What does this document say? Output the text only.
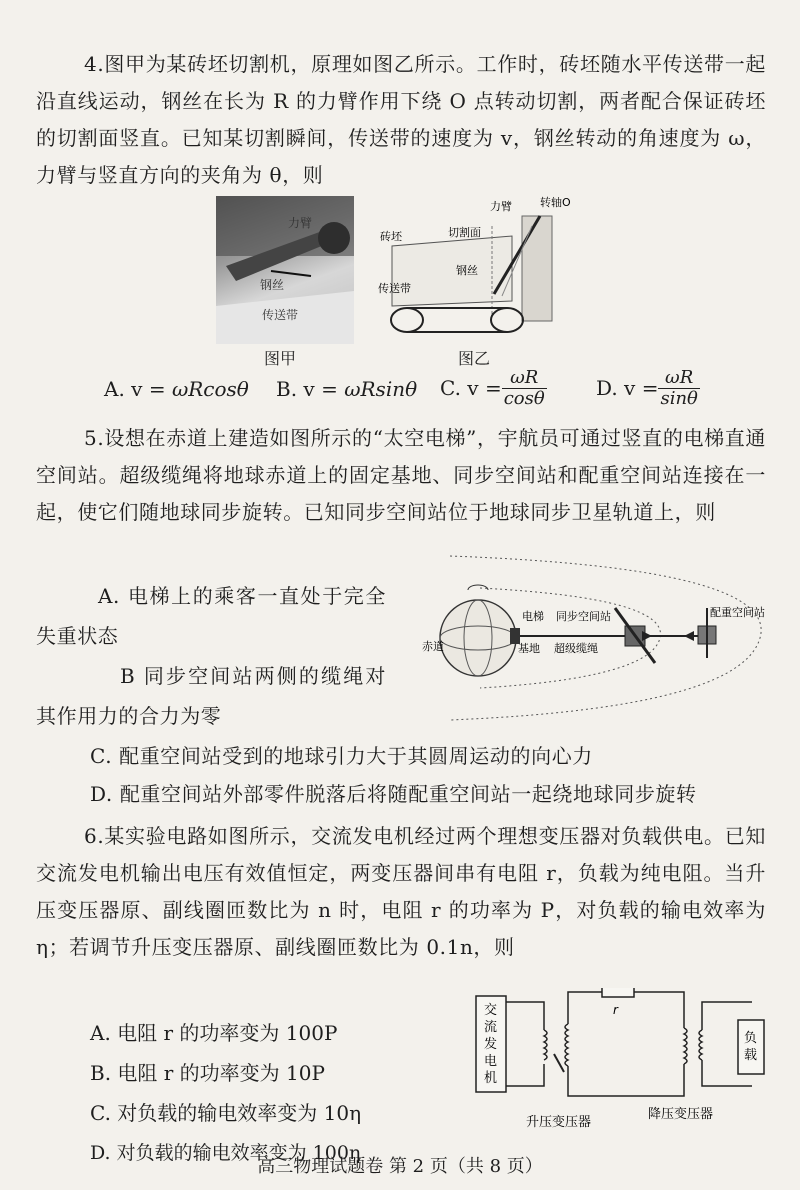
4.图甲为某砖坯切割机，原理如图乙所示。工作时，砖坯随水平传送带一起沿直线运动，钢丝在长为 R 的力臂作用下绕 O 点转动切割，两者配合保证砖坯的切割面竖直。已知某切割瞬间，传送带的速度为 v，钢丝转动的角速度为 ω，力臂与竖直方向的夹角为 θ，则
力臂
钢丝
传送带
图甲
砖坯	切割面
力臂	转轴O
钢丝
传送带
图乙
A. v = ωRcosθ B. v = ωRsinθ C. $v = \frac{\omega R}{\cos\theta} D$. $v = \frac{\omega R}{\sin\theta}$
5.设想在赤道上建造如图所示的“太空电梯”，宇航员可通过竖直的电梯直通空间站。超级缆绳将地球赤道上的固定基地、同步空间站和配重空间站连接在一起，使它们随地球同步旋转。已知同步空间站位于地球同步卫星轨道上，则
A. 电梯上的乘客一直处于完全失重状态
B 同步空间站两侧的缆绳对其作用力的合力为零
赤道
电梯
基地
同步空间站
超级缆绳
配重空间站
C. 配重空间站受到的地球引力大于其圆周运动的向心力
D. 配重空间站外部零件脱落后将随配重空间站一起绕地球同步旋转
6.某实验电路如图所示，交流发电机经过两个理想变压器对负载供电。已知交流发电机输出电压有效值恒定，两变压器间串有电阻 r，负载为纯电阻。当升压变压器原、副线圈匝数比为 n 时，电阻 r 的功率为 P，对负载的输电效率为 η；若调节升压变压器原、副线圈匝数比为 0.1n，则
A. 电阻 r 的功率变为 100P
B. 电阻 r 的功率变为 10P
C. 对负载的输电效率变为 10η
D. 对负载的输电效率变为 100η
交流发电机
r
负载
升压变压器
降压变压器
高三物理试题卷 第 2 页（共 8 页）
